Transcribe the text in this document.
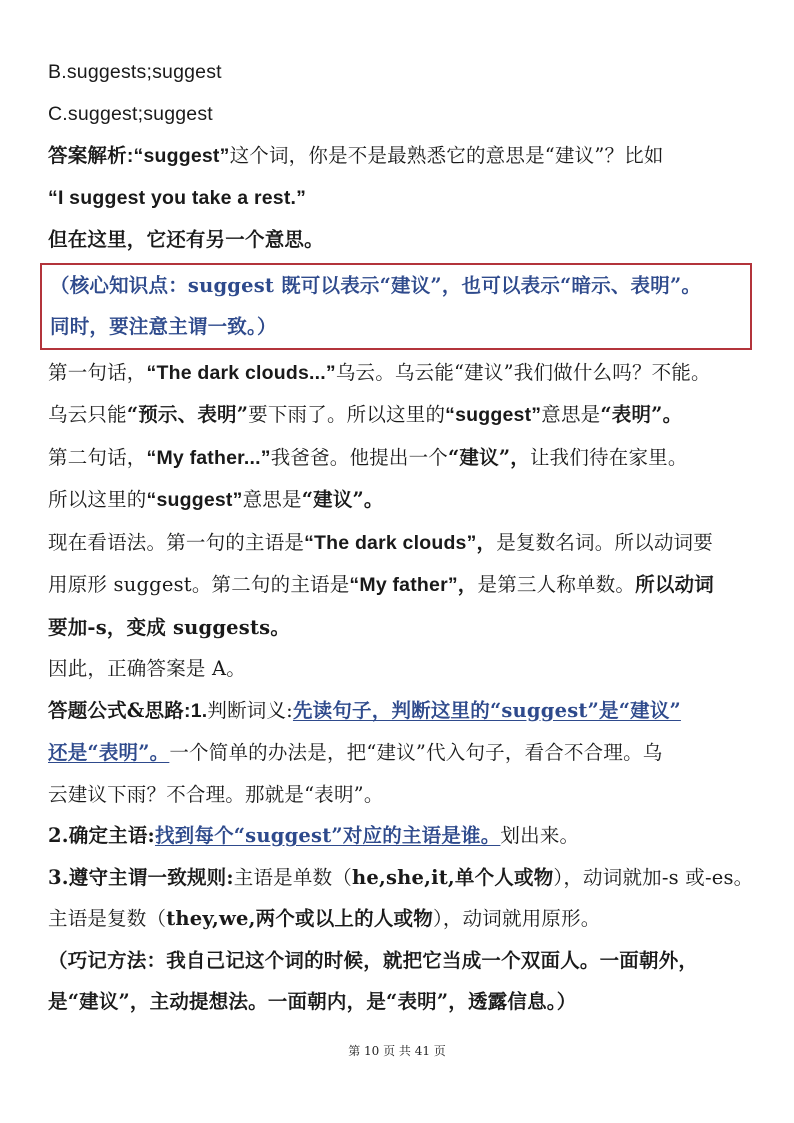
B.suggests;suggest
C.suggest;suggest
答案解析:“suggest”这个词，你是不是最熟悉它的意思是“建议”？比如
“I suggest you take a rest.”
但在这里，它还有另一个意思。
（核心知识点：suggest 既可以表示“建议”，也可以表示“暗示、表明”。
同时，要注意主谓一致。）
第一句话，“The dark clouds...”乌云。乌云能“建议”我们做什么吗？不能。
乌云只能“预示、表明”要下雨了。所以这里的“suggest”意思是“表明”。
第二句话，“My father...”我爸爸。他提出一个“建议”，让我们待在家里。
所以这里的“suggest”意思是“建议”。
现在看语法。第一句的主语是“The dark clouds”，是复数名词。所以动词要
用原形 suggest。第二句的主语是“My father”，是第三人称单数。所以动词
要加-s，变成 suggests。
因此，正确答案是 A。
答题公式&思路:1.判断词义:先读句子，判断这里的“suggest”是“建议”
还是“表明”。一个简单的办法是，把“建议”代入句子，看合不合理。乌
云建议下雨？不合理。那就是“表明”。
2.确定主语:找到每个“suggest”对应的主语是谁。划出来。
3.遵守主谓一致规则:主语是单数（he,she,it,单个人或物），动词就加-s 或-es。
主语是复数（they,we,两个或以上的人或物），动词就用原形。
（巧记方法：我自己记这个词的时候，就把它当成一个双面人。一面朝外，
是“建议”，主动提想法。一面朝内，是“表明”，透露信息。）
第 10 页 共 41 页
